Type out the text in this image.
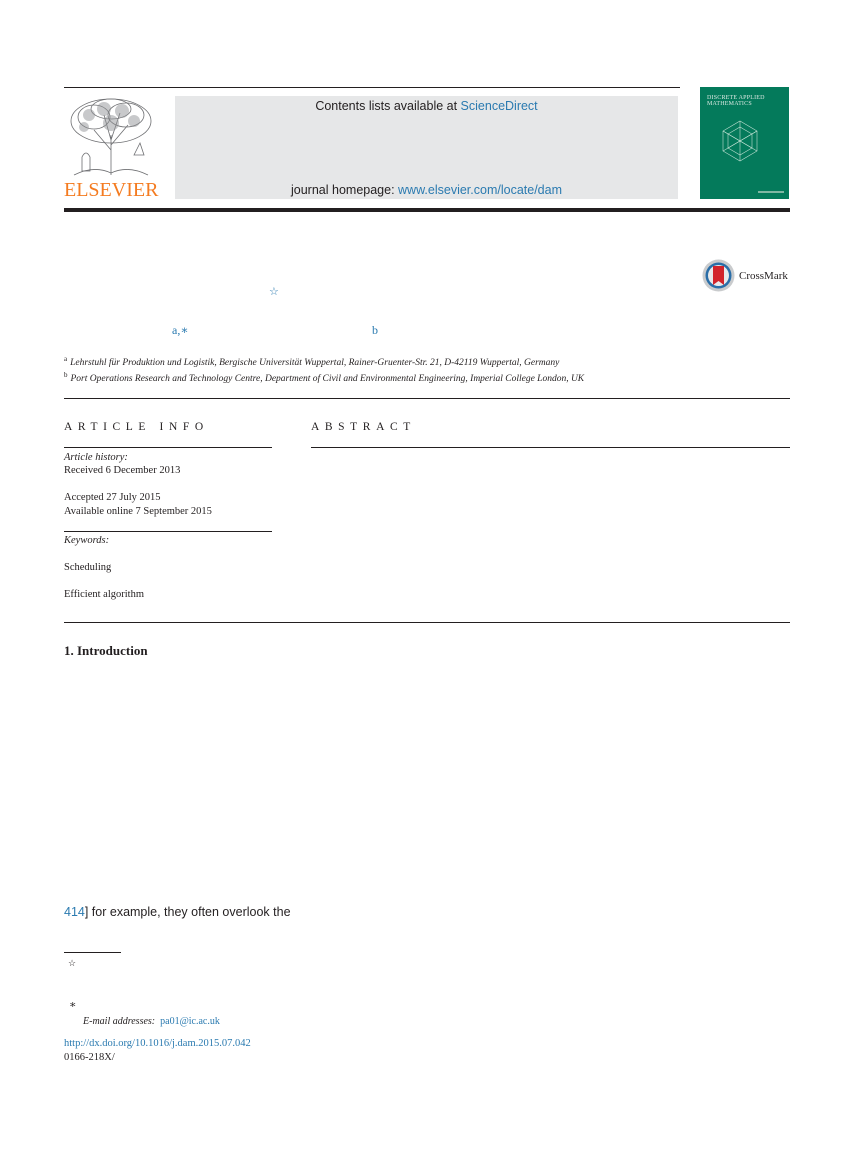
ELSEVIER
Contents lists available at ScienceDirect
journal homepage: www.elsevier.com/locate/dam
DISCRETE APPLIED MATHEMATICS
☆
CrossMark
a,∗	b
$^a$ Lehrstuhl für Produktion und Logistik, Bergische Universität Wuppertal, Rainer-Gruenter-Str. 21, D-42119 Wuppertal, Germany
$^b$ Port Operations Research and Technology Centre, Department of Civil and Environmental Engineering, Imperial College London, UK
ARTICLE INFO
Article history:
Received 6 December 2013
Accepted 27 July 2015
Available online 7 September 2015
Keywords:
Scheduling
Efficient algorithm
ABSTRACT
1. Introduction
414] for example, they often overlook the
☆
∗
E-mail addresses: pa01@ic.ac.uk
http://dx.doi.org/10.1016/j.dam.2015.07.042
0166-218X/
